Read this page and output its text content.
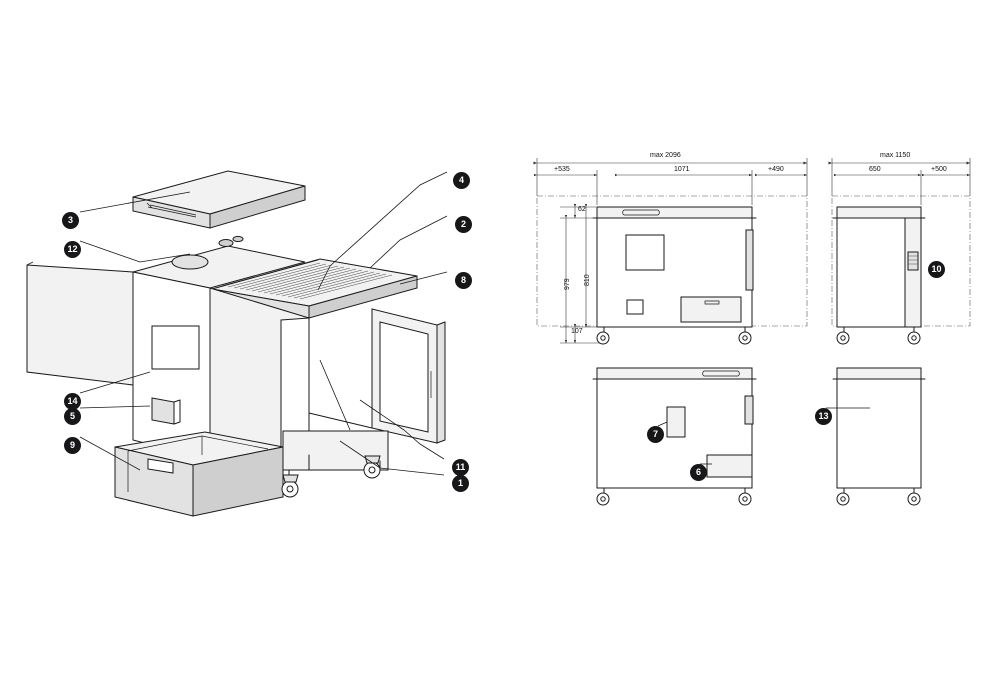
max 2096
+535	1071	+490
62
979 810
107
max 1150
650	+500
1
2
3
4
5
6
7
8
9
10
11
12
13
14
